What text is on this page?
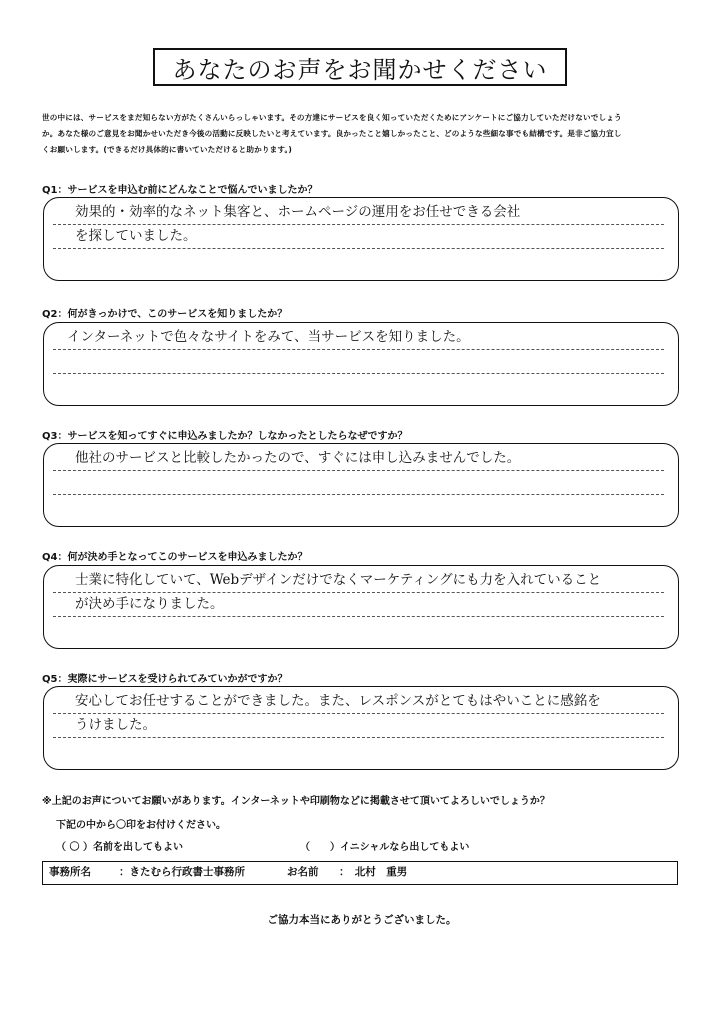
あなたのお声をお聞かせください
世の中には、サービスをまだ知らない方がたくさんいらっしゃいます。その方達にサービスを良く知っていただくためにアンケートにご協力していただけないでしょう
か。あなた様のご意見をお聞かせいただき今後の活動に反映したいと考えています。良かったこと嬉しかったこと、どのような些細な事でも結構です。是非ご協力宜し
くお願いします。(できるだけ具体的に書いていただけると助かります。)
Q1：サービスを申込む前にどんなことで悩んでいましたか？
効果的・効率的なネット集客と、ホームページの運用をお任せできる会社
を探していました。
Q2：何がきっかけで、このサービスを知りましたか？
インターネットで色々なサイトをみて、当サービスを知りました。
Q3：サービスを知ってすぐに申込みましたか？しなかったとしたらなぜですか？
他社のサービスと比較したかったので、すぐには申し込みませんでした。
Q4：何が決め手となってこのサービスを申込みましたか？
士業に特化していて、Webデザインだけでなくマーケティングにも力を入れていること
が決め手になりました。
Q5：実際にサービスを受けられてみていかがですか？
安心してお任せすることができました。また、レスポンスがとてもはやいことに感銘を
うけました。
※上記のお声についてお願いがあります。インターネットや印刷物などに掲載させて頂いてよろしいでしょうか？
下記の中から〇印をお付けください。
（ 〇 ）名前を出してもよい	（　　）イニシャルなら出してもよい
事務所名	：きたむら行政書士事務所	お名前 ：　北村　重男
ご協力本当にありがとうございました。
